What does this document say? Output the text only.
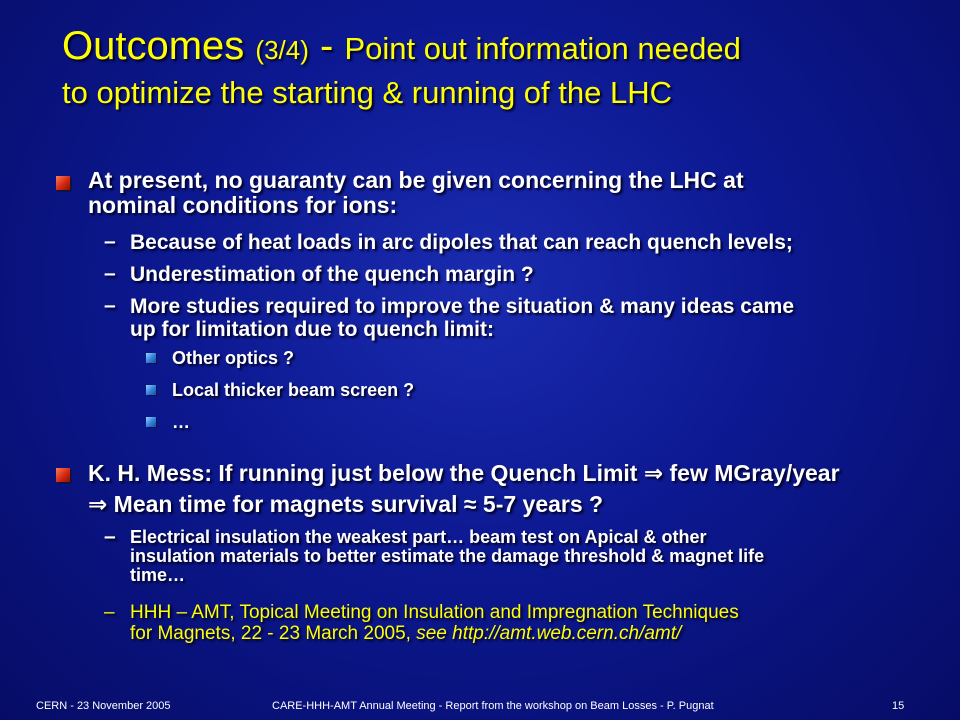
Outcomes (3/4) - Point out information needed
to optimize the starting & running of the LHC
At present, no guaranty can be given concerning the LHC at
nominal conditions for ions:
– Because of heat loads in arc dipoles that can reach quench levels;
– Underestimation of the quench margin ?
– More studies required to improve the situation & many ideas came
up for limitation due to quench limit:
Other optics ?
Local thicker beam screen ?
…
K. H. Mess: If running just below the Quench Limit ⇒ few MGray/year
⇒ Mean time for magnets survival ≈ 5-7 years ?
– Electrical insulation the weakest part… beam test on Apical & other
insulation materials to better estimate the damage threshold & magnet life
time…
– HHH – AMT, Topical Meeting on Insulation and Impregnation Techniques
for Magnets, 22 - 23 March 2005, see http://amt.web.cern.ch/amt/
CERN - 23 November 2005	CARE-HHH-AMT Annual Meeting - Report from the workshop on Beam Losses - P. Pugnat	15
